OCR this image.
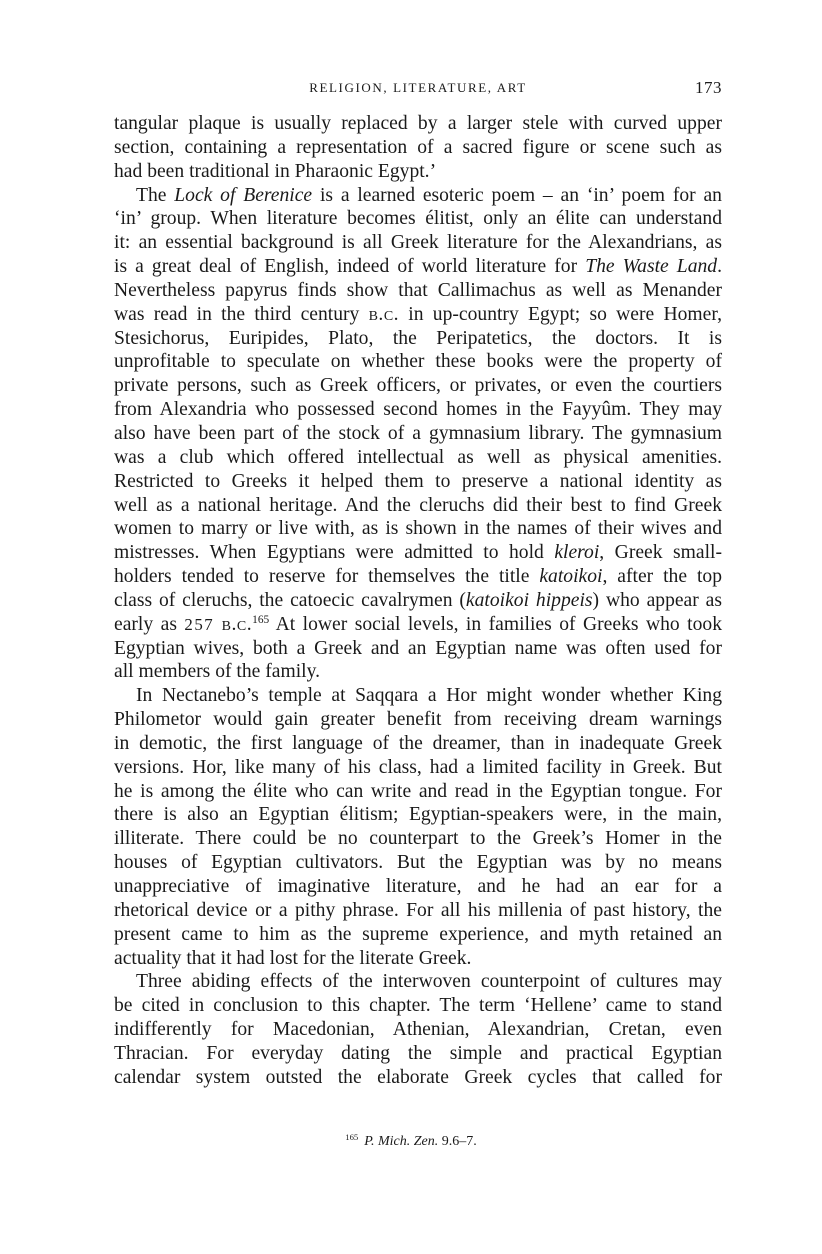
RELIGION, LITERATURE, ART	173
tangular plaque is usually replaced by a larger stele with curved upper
section, containing a representation of a sacred figure or scene such as
had been traditional in Pharaonic Egypt.’
The Lock of Berenice is a learned esoteric poem – an ‘in’ poem for an
‘in’ group. When literature becomes élitist, only an élite can understand
it: an essential background is all Greek literature for the Alexandrians, as
is a great deal of English, indeed of world literature for The Waste Land.
Nevertheless papyrus finds show that Callimachus as well as Menander
was read in the third century b.c. in up-country Egypt; so were Homer,
Stesichorus, Euripides, Plato, the Peripatetics, the doctors. It is
unprofitable to speculate on whether these books were the property of
private persons, such as Greek officers, or privates, or even the courtiers
from Alexandria who possessed second homes in the Fayyûm. They may
also have been part of the stock of a gymnasium library. The gymnasium
was a club which offered intellectual as well as physical amenities.
Restricted to Greeks it helped them to preserve a national identity as
well as a national heritage. And the cleruchs did their best to find Greek
women to marry or live with, as is shown in the names of their wives and
mistresses. When Egyptians were admitted to hold kleroi, Greek small-
holders tended to reserve for themselves the title katoikoi, after the top
class of cleruchs, the catoecic cavalrymen (katoikoi hippeis) who appear as
early as 257 b.c.$^{165}$ At lower social levels, in families of Greeks who took
Egyptian wives, both a Greek and an Egyptian name was often used for
all members of the family.
In Nectanebo’s temple at Saqqara a Hor might wonder whether King
Philometor would gain greater benefit from receiving dream warnings
in demotic, the first language of the dreamer, than in inadequate Greek
versions. Hor, like many of his class, had a limited facility in Greek. But
he is among the élite who can write and read in the Egyptian tongue. For
there is also an Egyptian élitism; Egyptian-speakers were, in the main,
illiterate. There could be no counterpart to the Greek’s Homer in the
houses of Egyptian cultivators. But the Egyptian was by no means
unappreciative of imaginative literature, and he had an ear for a
rhetorical device or a pithy phrase. For all his millenia of past history, the
present came to him as the supreme experience, and myth retained an
actuality that it had lost for the literate Greek.
Three abiding effects of the interwoven counterpoint of cultures may
be cited in conclusion to this chapter. The term ‘Hellene’ came to stand
indifferently for Macedonian, Athenian, Alexandrian, Cretan, even
Thracian. For everyday dating the simple and practical Egyptian
calendar system outsted the elaborate Greek cycles that called for
$^{165}$ P. Mich. Zen. 9.6–7.
